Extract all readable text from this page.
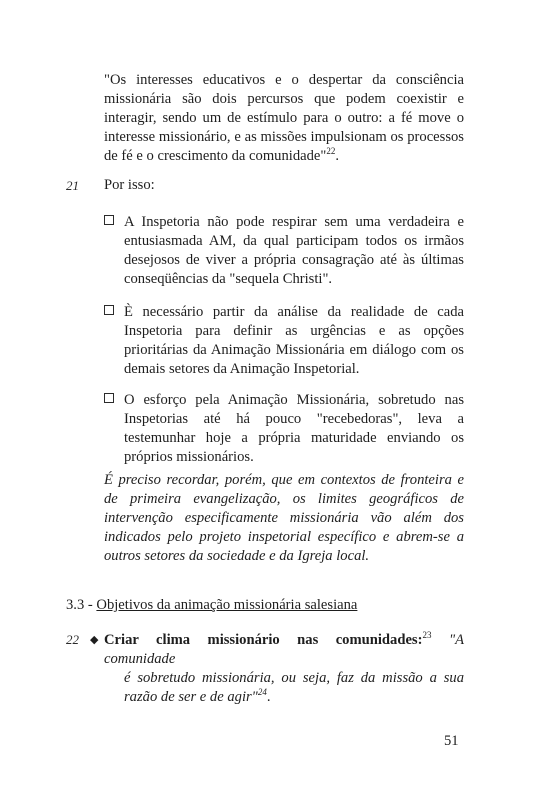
"Os interesses educativos e o despertar da consciência missionária são dois percursos que podem coexistir e interagir, sendo um de estímulo para o outro: a fé move o interesse missionário, e as missões impulsionam os processos de fé e o crescimento da comunidade"$^{22}$.
21 Por isso:
A Inspetoria não pode respirar sem uma verdadeira e entusiasmada AM, da qual participam todos os irmãos desejosos de viver a própria consagração até às últimas conseqüências da "sequela Christi".
È necessário partir da análise da realidade de cada Inspetoria para definir as urgências e as opções prioritárias da Animação Missionária em diálogo com os demais setores da Animação Inspetorial.
O esforço pela Animação Missionária, sobretudo nas Inspetorias até há pouco "recebedoras", leva a testemunhar hoje a própria maturidade enviando os próprios missionários.
É preciso recordar, porém, que em contextos de fronteira e de primeira evangelização, os limites geográficos de intervenção especificamente missionária vão além dos indicados pelo projeto inspetorial específico e abrem-se a outros setores da sociedade e da Igreja local.
3.3 - Objetivos da animação missionária salesiana
22 ◆ Criar clima missionário nas comunidades:$^{23}$ "A comunidade
é sobretudo missionária, ou seja, faz da missão a sua razão de ser e de agir"$^{24}$.
51
